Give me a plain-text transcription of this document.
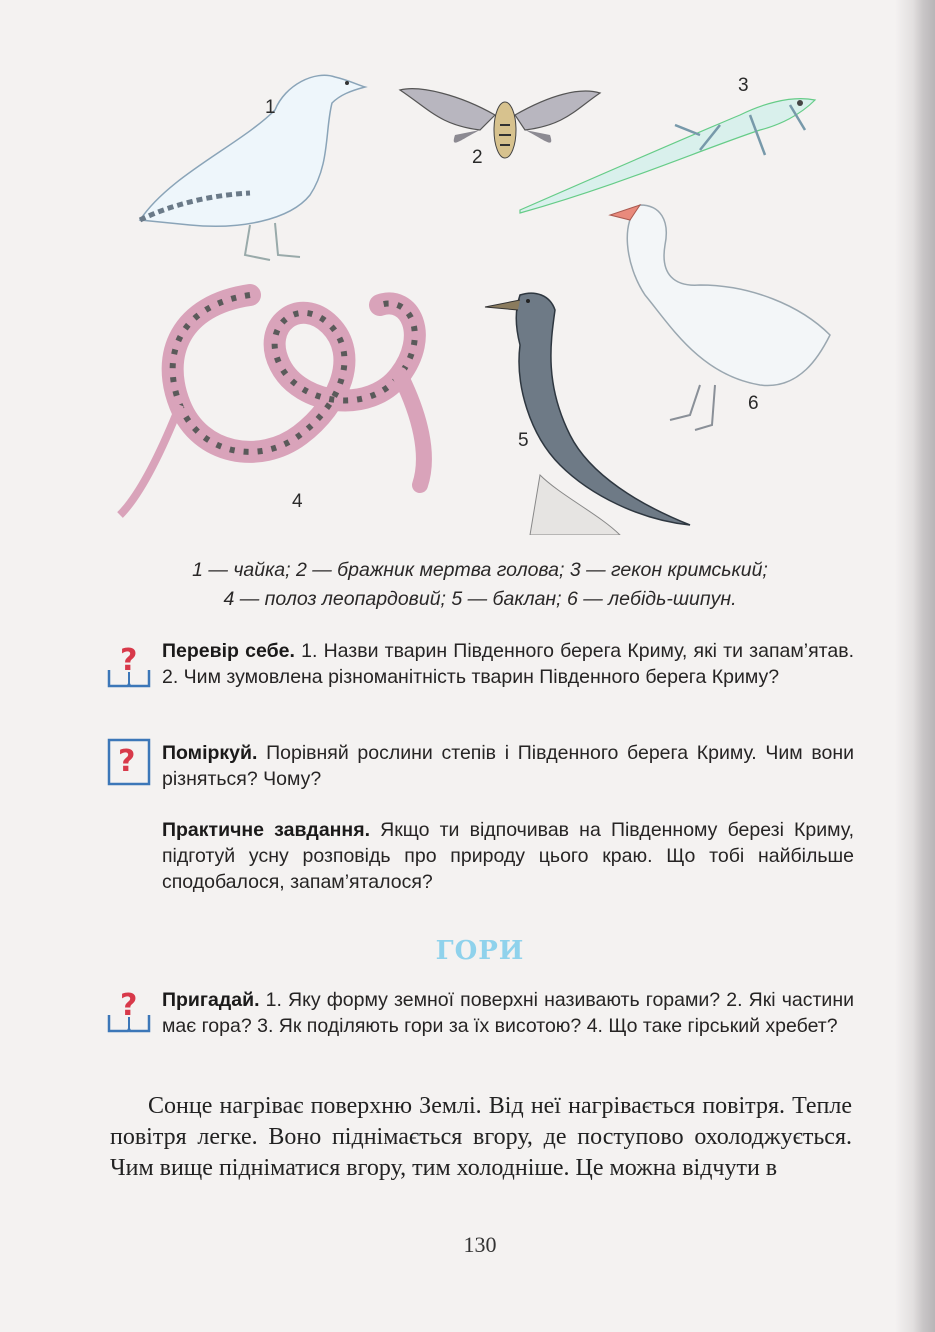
1
2
3
4
5
6
1 — чайка; 2 — бражник мертва голова; 3 — гекон кримський;
4 — полоз леопардовий; 5 — баклан; 6 — лебідь-шипун.
?
?
?
Перевір себе. 1. Назви тварин Південного берега Криму, які ти запам’ятав. 2. Чим зумовлена різноманітність тварин Південного берега Криму?
Поміркуй. Порівняй рослини степів і Південного берега Криму. Чим вони різняться? Чому?
Практичне завдання. Якщо ти відпочивав на Південному березі Криму, підготуй усну розповідь про природу цього краю. Що тобі найбільше сподобалося, запам’яталося?
ГОРИ
Пригадай. 1. Яку форму земної поверхні називають горами? 2. Які частини має гора? 3. Як поділяють гори за їх висотою? 4. Що таке гірський хребет?
Сонце нагріває поверхню Землі. Від неї нагрівається повітря. Тепле повітря легке. Воно піднімається вгору, де поступово охолоджується. Чим вище підніматися вгору, тим холодніше. Це можна відчути в
130
